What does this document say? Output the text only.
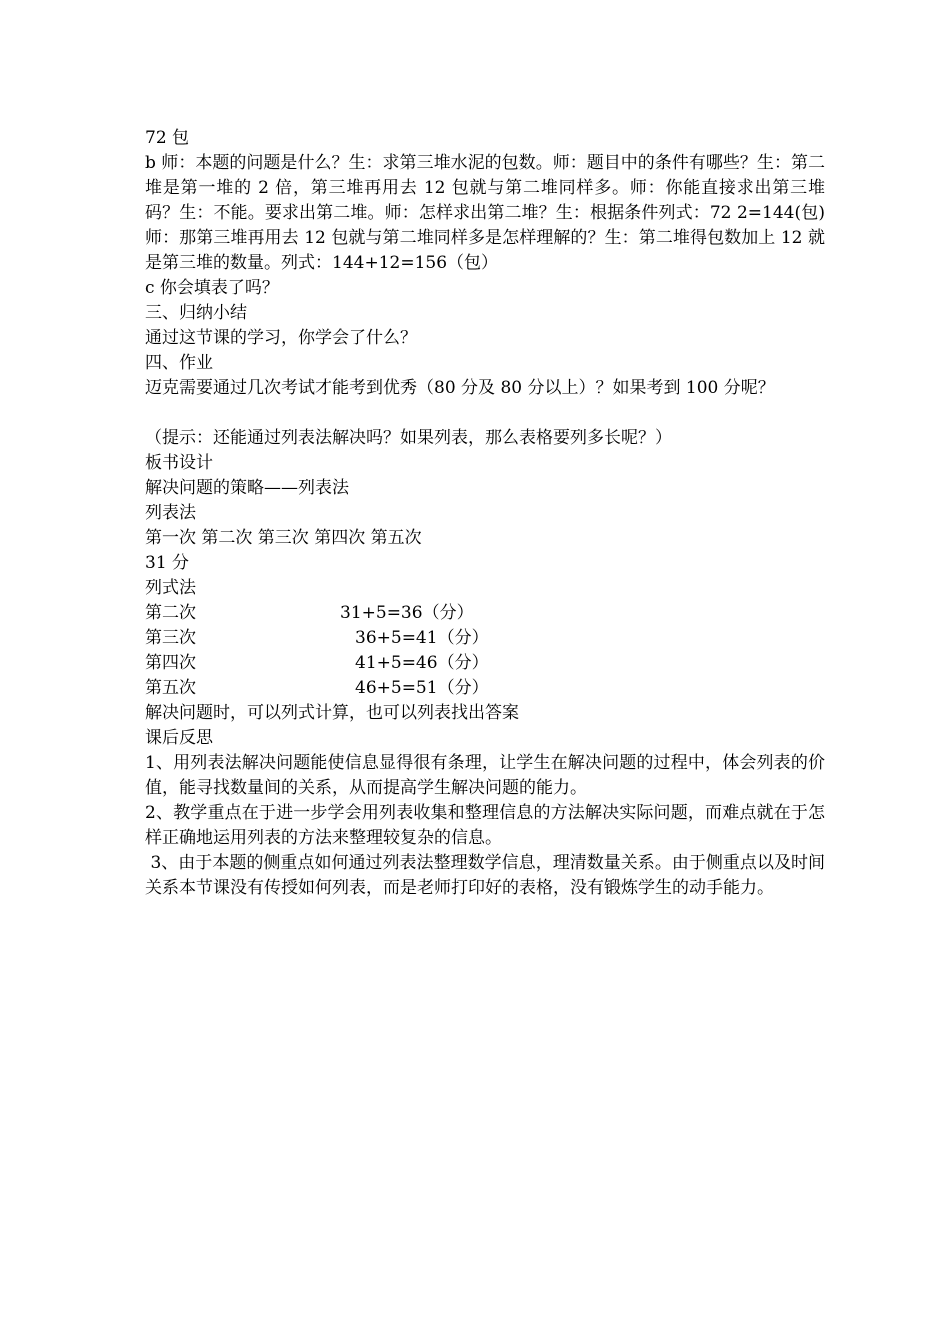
72 包
b 师：本题的问题是什么？生：求第三堆水泥的包数。师：题目中的条件有哪些？生：第二堆是第一堆的 2 倍，第三堆再用去 12 包就与第二堆同样多。师：你能直接求出第三堆码？生：不能。要求出第二堆。师：怎样求出第二堆？生：根据条件列式：72 2=144(包)师：那第三堆再用去 12 包就与第二堆同样多是怎样理解的？生：第二堆得包数加上 12 就是第三堆的数量。列式：144+12=156（包）
c 你会填表了吗？
三、归纳小结
通过这节课的学习，你学会了什么？
四、作业
迈克需要通过几次考试才能考到优秀（80 分及 80 分以上）？如果考到 100 分呢？
（提示：还能通过列表法解决吗？如果列表，那么表格要列多长呢？）
板书设计
解决问题的策略——列表法
列表法
第一次 第二次 第三次 第四次 第五次
31 分
列式法
第二次	31+5=36（分）
第三次	36+5=41（分）
第四次	41+5=46（分）
第五次	46+5=51（分）
解决问题时，可以列式计算，也可以列表找出答案
课后反思
1、用列表法解决问题能使信息显得很有条理，让学生在解决问题的过程中，体会列表的价值，能寻找数量间的关系，从而提高学生解决问题的能力。
2、教学重点在于进一步学会用列表收集和整理信息的方法解决实际问题，而难点就在于怎样正确地运用列表的方法来整理较复杂的信息。
3、由于本题的侧重点如何通过列表法整理数学信息，理清数量关系。由于侧重点以及时间关系本节课没有传授如何列表，而是老师打印好的表格，没有锻炼学生的动手能力。
